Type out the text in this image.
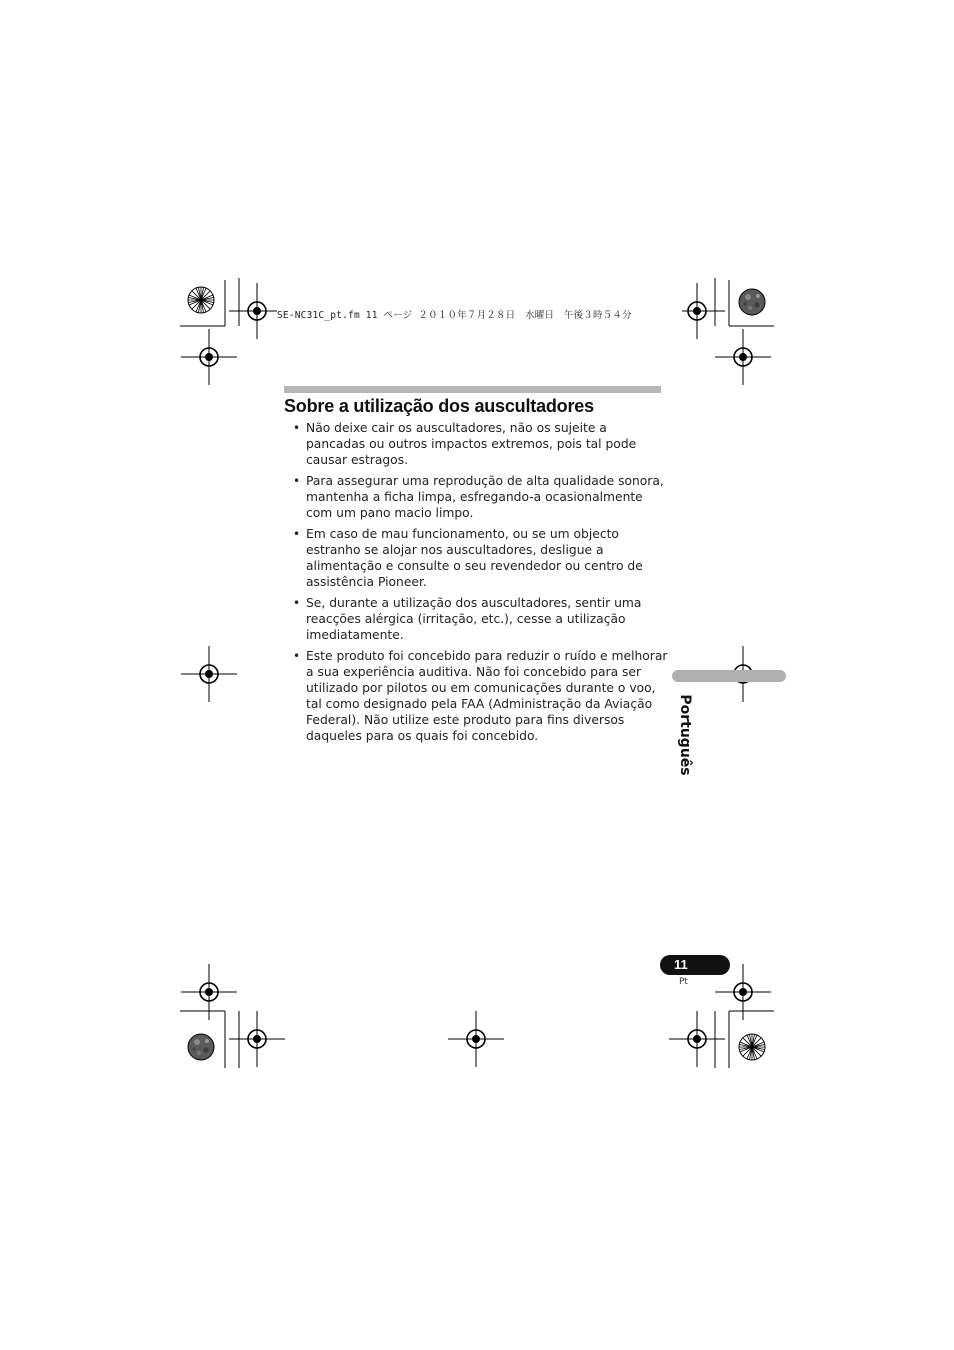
SE-NC31C_pt.fm 11 ページ ２０１０年７月２８日　水曜日　午後３時５４分
Sobre a utilização dos auscultadores
• Não deixe cair os auscultadores, não os sujeite a pancadas ou outros impactos extremos, pois tal pode causar estragos.
• Para assegurar uma reprodução de alta qualidade sonora, mantenha a ficha limpa, esfregando-a ocasionalmente com um pano macio limpo.
• Em caso de mau funcionamento, ou se um objecto estranho se alojar nos auscultadores, desligue a alimentação e consulte o seu revendedor ou centro de assistência Pioneer.
• Se, durante a utilização dos auscultadores, sentir uma reacções alérgica (irritação, etc.), cesse a utilização imediatamente.
• Este produto foi concebido para reduzir o ruído e melhorar a sua experiência auditiva. Não foi concebido para ser utilizado por pilotos ou em comunicações durante o voo, tal como designado pela FAA (Administração da Aviação Federal). Não utilize este produto para fins diversos daqueles para os quais foi concebido.	Português
11
Pt
